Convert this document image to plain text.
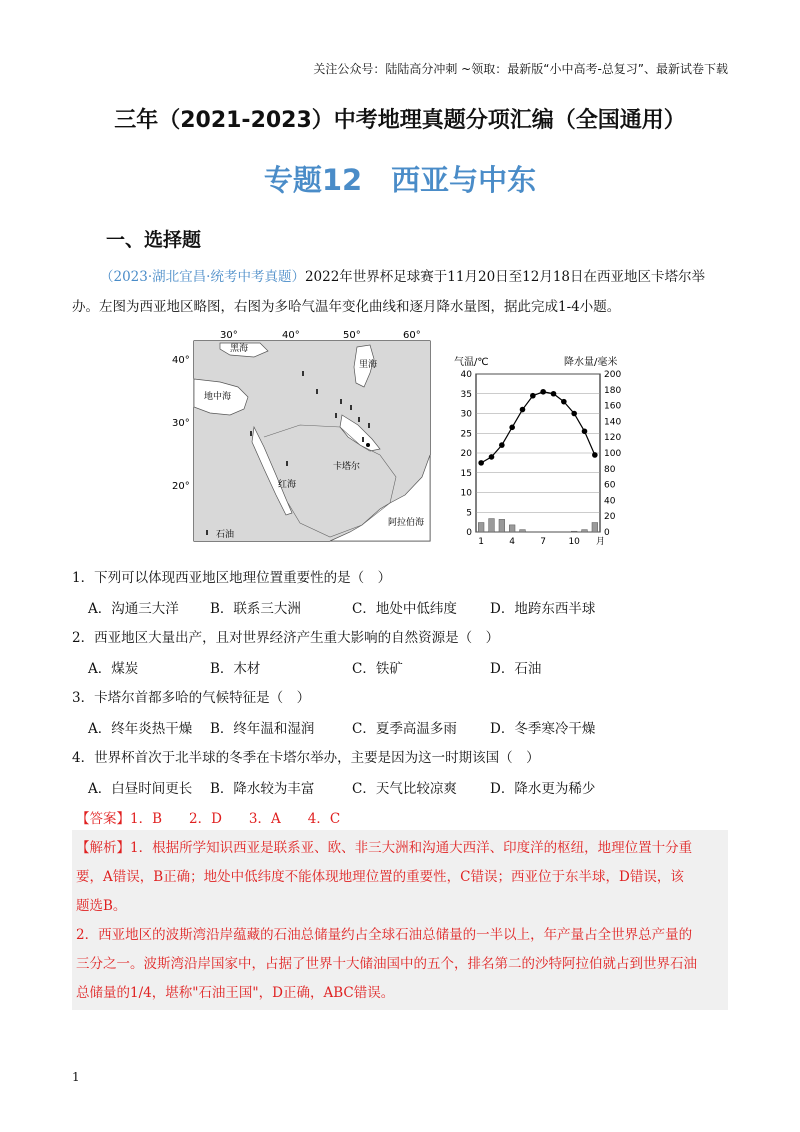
关注公众号：陆陆高分冲刺 ~领取：最新版“小中高考-总复习”、最新试卷下载
三年（2021-2023）中考地理真题分项汇编（全国通用）
专题12　西亚与中东
一、选择题
（2023·湖北宜昌·统考中考真题）2022年世界杯足球赛于11月20日至12月18日在西亚地区卡塔尔举办。左图为西亚地区略图，右图为多哈气温年变化曲线和逐月降水量图，据此完成1-4小题。
黑海
里海
地中海
卡塔尔
红海
阿拉伯海
石油
30°	40°	50°	60°
40°
30°
20°
气温/℃	降水量/毫米
0
5
10
15
20
25
30
35
40
0
20
40
60
80
100
120
140
160
180
200
1	4	7 10 月
1．下列可以体现西亚地区地理位置重要性的是（　）
A．沟通三大洋 B．联系三大洲	C．地处中低纬度 D．地跨东西半球
2．西亚地区大量出产，且对世界经济产生重大影响的自然资源是（　）
A．煤炭	B．木材	C．铁矿	D．石油
3．卡塔尔首都多哈的气候特征是（　）
A．终年炎热干燥 B．终年温和湿润	C．夏季高温多雨 D．冬季寒冷干燥
4．世界杯首次于北半球的冬季在卡塔尔举办，主要是因为这一时期该国（　）
A．白昼时间更长 B．降水较为丰富	C．天气比较凉爽 D．降水更为稀少
【答案】1．B　　2．D　　3．A　　4．C
【解析】1．根据所学知识西亚是联系亚、欧、非三大洲和沟通大西洋、印度洋的枢纽，地理位置十分重
要，A错误，B正确；地处中低纬度不能体现地理位置的重要性，C错误；西亚位于东半球，D错误，该
题选B。
2．西亚地区的波斯湾沿岸蕴藏的石油总储量约占全球石油总储量的一半以上，年产量占全世界总产量的
三分之一。波斯湾沿岸国家中，占据了世界十大储油国中的五个，排名第二的沙特阿拉伯就占到世界石油
总储量的1/4，堪称"石油王国"，D正确，ABC错误。
1
